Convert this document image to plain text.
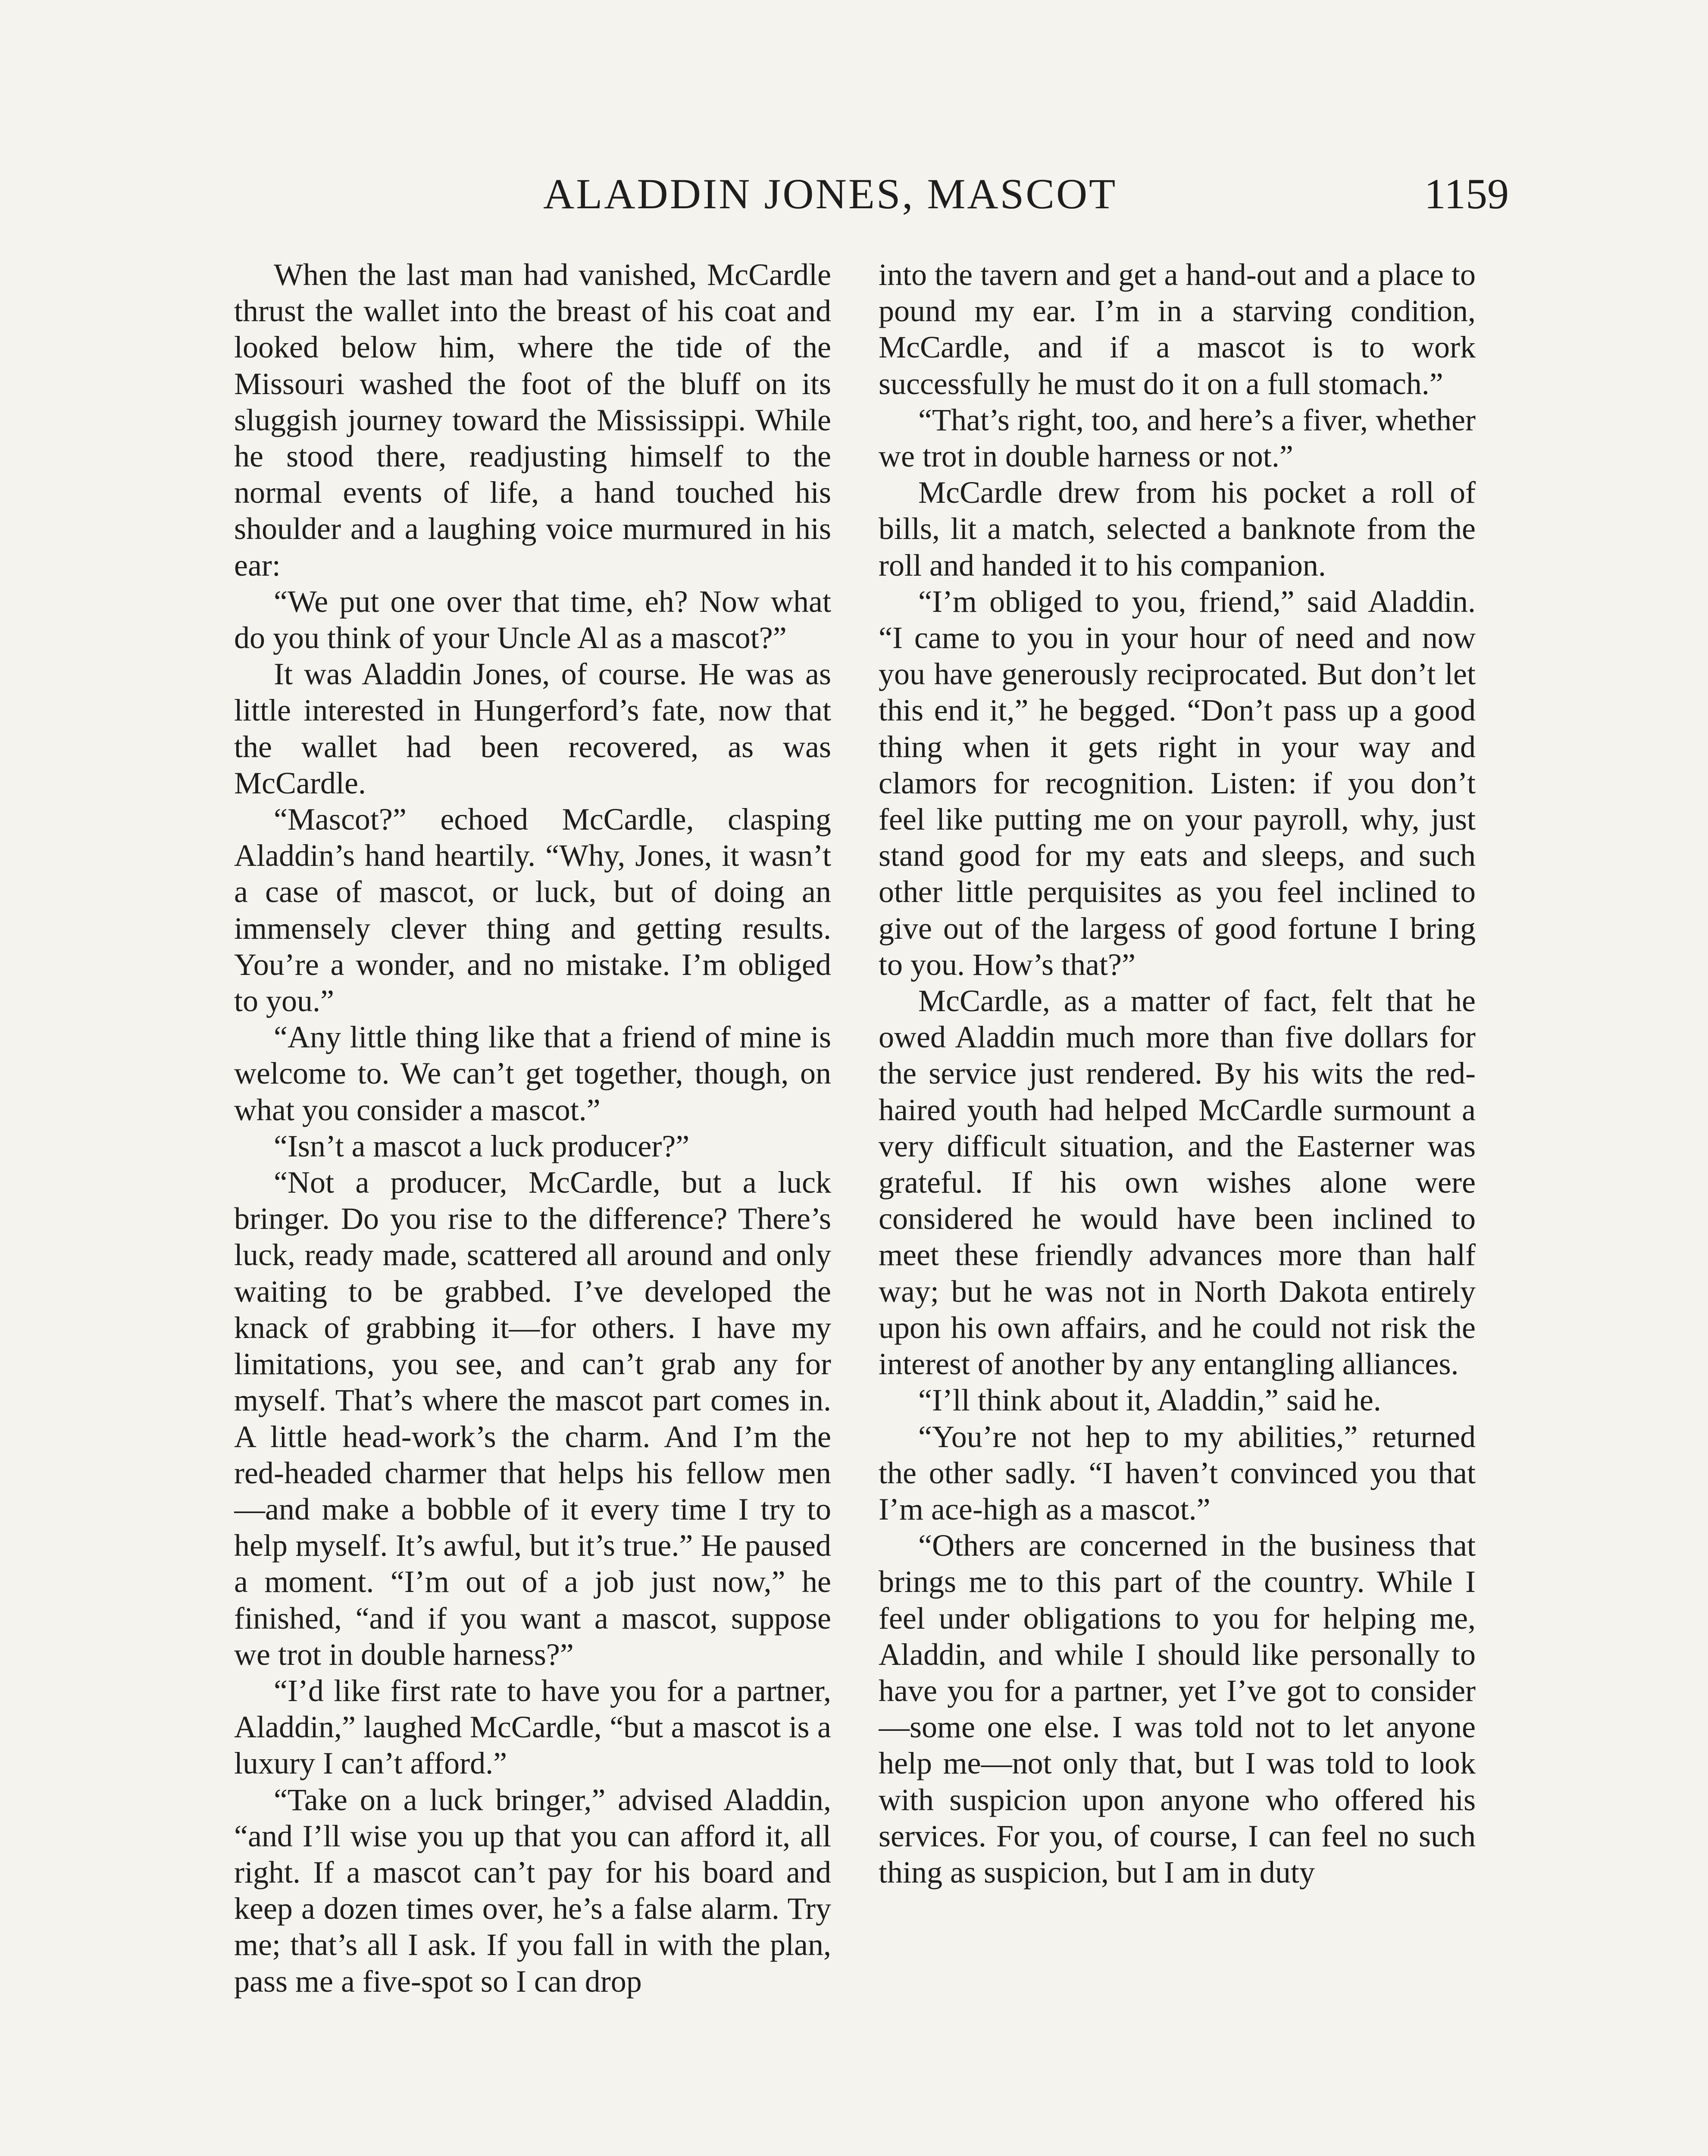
ALADDIN JONES, MASCOT	1159

When the last man had vanished, McCardle thrust the wallet into the breast of his coat and looked below him, where the tide of the Missouri washed the foot of the bluff on its sluggish journey toward the Mississippi. While he stood there, readjusting himself to the normal events of life, a hand touched his shoulder and a laughing voice murmured in his ear:

“We put one over that time, eh? Now what do you think of your Uncle Al as a mascot?”

It was Aladdin Jones, of course. He was as little interested in Hungerford’s fate, now that the wallet had been recovered, as was McCardle.

“Mascot?” echoed McCardle, clasping Aladdin’s hand heartily. “Why, Jones, it wasn’t a case of mascot, or luck, but of doing an immensely clever thing and getting results. You’re a wonder, and no mistake. I’m obliged to you.”

“Any little thing like that a friend of mine is welcome to. We can’t get together, though, on what you consider a mascot.”

“Isn’t a mascot a luck producer?”

“Not a producer, McCardle, but a luck bringer. Do you rise to the difference? There’s luck, ready made, scattered all around and only waiting to be grabbed. I’ve developed the knack of grabbing it—for others. I have my limitations, you see, and can’t grab any for myself. That’s where the mascot part comes in. A little head-work’s the charm. And I’m the red-headed charmer that helps his fellow men—and make a bobble of it every time I try to help myself. It’s awful, but it’s true.” He paused a moment. “I’m out of a job just now,” he finished, “and if you want a mascot, suppose we trot in double harness?”

“I’d like first rate to have you for a partner, Aladdin,” laughed McCardle, “but a mascot is a luxury I can’t afford.”

“Take on a luck bringer,” advised Aladdin, “and I’ll wise you up that you can afford it, all right. If a mascot can’t pay for his board and keep a dozen times over, he’s a false alarm. Try me; that’s all I ask. If you fall in with the plan, pass me a five-spot so I can drop

into the tavern and get a hand-out and a place to pound my ear. I’m in a starving condition, McCardle, and if a mascot is to work successfully he must do it on a full stomach.”

“That’s right, too, and here’s a fiver, whether we trot in double harness or not.”

McCardle drew from his pocket a roll of bills, lit a match, selected a banknote from the roll and handed it to his companion.

“I’m obliged to you, friend,” said Aladdin. “I came to you in your hour of need and now you have generously reciprocated. But don’t let this end it,” he begged. “Don’t pass up a good thing when it gets right in your way and clamors for recognition. Listen: if you don’t feel like putting me on your payroll, why, just stand good for my eats and sleeps, and such other little perquisites as you feel inclined to give out of the largess of good fortune I bring to you. How’s that?”

McCardle, as a matter of fact, felt that he owed Aladdin much more than five dollars for the service just rendered. By his wits the red-haired youth had helped McCardle surmount a very difficult situation, and the Easterner was grateful. If his own wishes alone were considered he would have been inclined to meet these friendly advances more than half way; but he was not in North Dakota entirely upon his own affairs, and he could not risk the interest of another by any entangling alliances.

“I’ll think about it, Aladdin,” said he.

“You’re not hep to my abilities,” returned the other sadly. “I haven’t convinced you that I’m ace-high as a mascot.”

“Others are concerned in the business that brings me to this part of the country. While I feel under obligations to you for helping me, Aladdin, and while I should like personally to have you for a partner, yet I’ve got to consider—some one else. I was told not to let anyone help me—not only that, but I was told to look with suspicion upon anyone who offered his services. For you, of course, I can feel no such thing as suspicion, but I am in duty
